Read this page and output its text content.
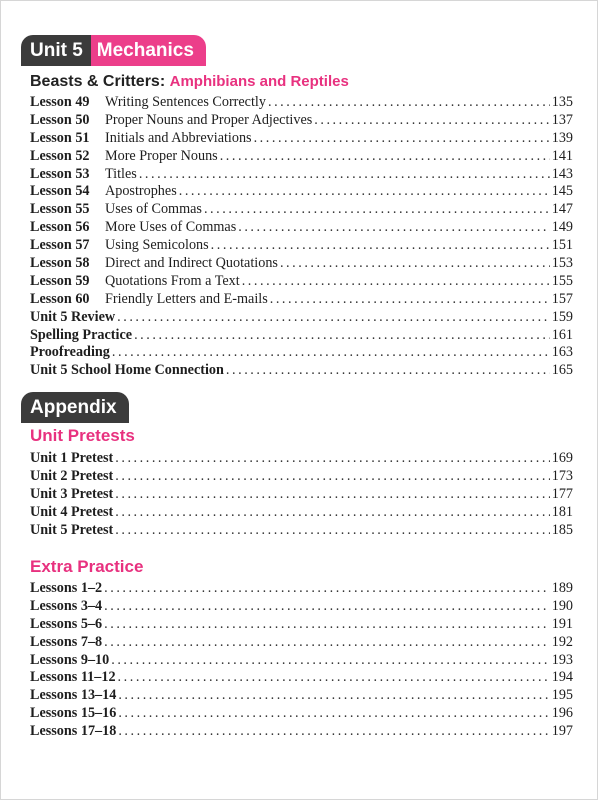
Unit 5 Mechanics
Beasts & Critters: Amphibians and Reptiles
Lesson 49	Writing Sentences Correctly . . .	135
Lesson 50	Proper Nouns and Proper Adjectives . . .	137
Lesson 51	Initials and Abbreviations . . .	139
Lesson 52	More Proper Nouns . . .	141
Lesson 53	Titles . . .	143
Lesson 54	Apostrophes . . .	145
Lesson 55	Uses of Commas . . .	147
Lesson 56	More Uses of Commas . . .	149
Lesson 57	Using Semicolons . . .	151
Lesson 58	Direct and Indirect Quotations . . .	153
Lesson 59	Quotations From a Text . . .	155
Lesson 60	Friendly Letters and E-mails . . .	157
Unit 5 Review . . .	159
Spelling Practice . . .	161
Proofreading . . .	163
Unit 5 School Home Connection . . .	165
Appendix
Unit Pretests
Unit 1 Pretest . . .	169
Unit 2 Pretest . . .	173
Unit 3 Pretest . . .	177
Unit 4 Pretest . . .	181
Unit 5 Pretest . . .	185
Extra Practice
Lessons 1–2 . . .	189
Lessons 3–4 . . .	190
Lessons 5–6 . . .	191
Lessons 7–8 . . .	192
Lessons 9–10 . . .	193
Lessons 11–12 . . .	194
Lessons 13–14 . . .	195
Lessons 15–16 . . .	196
Lessons 17–18 . . .	197
